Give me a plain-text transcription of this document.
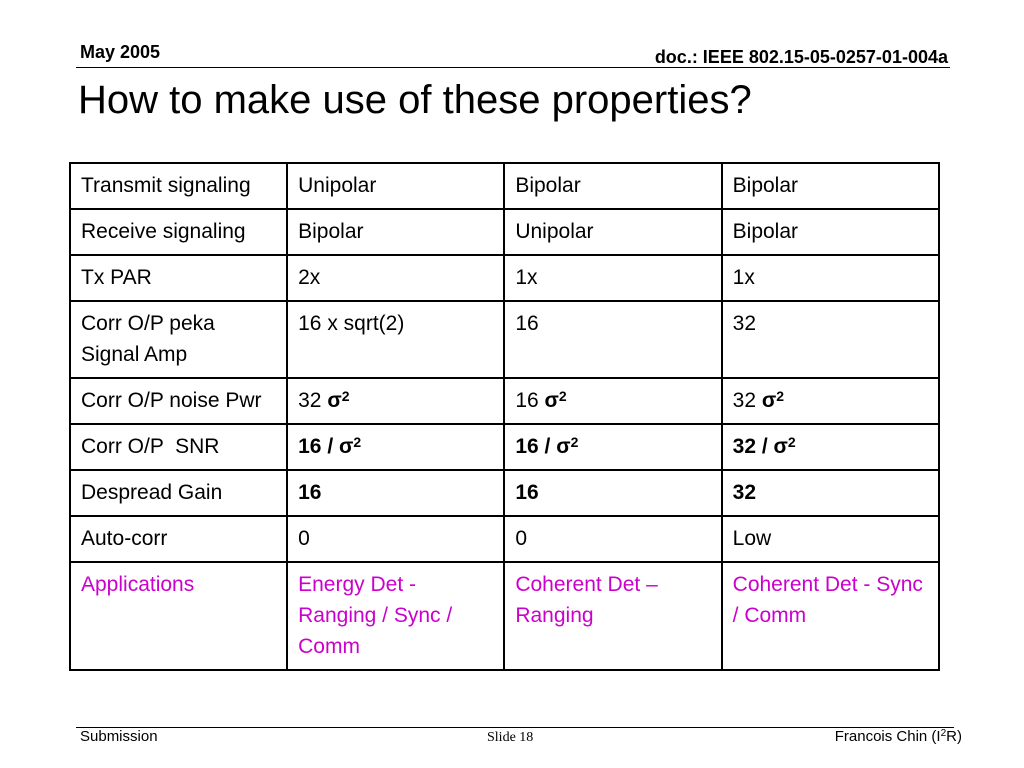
May 2005	doc.: IEEE 802.15-05-0257-01-004a
How to make use of these properties?
Transmit signaling	Unipolar	Bipolar	Bipolar
Receive signaling	Bipolar	Unipolar	Bipolar
Tx PAR	2x	1x	1x
Corr O/P peka Signal Amp	16 x sqrt(2)	16	32
Corr O/P noise Pwr	32 $\sigma^2$	16 $\sigma^2$	32 $\sigma^2$
Corr O/P  SNR	$16 / \sigma^2$	$16 / \sigma^2$	$32 / \sigma^2$
Despread Gain	16	16	32
Auto-corr	0	0	Low
Applications	Energy Det - Ranging / Sync / Comm	Coherent Det – Ranging	Coherent Det - Sync / Comm
Submission	Slide 18	Francois Chin $(I^2R)$
